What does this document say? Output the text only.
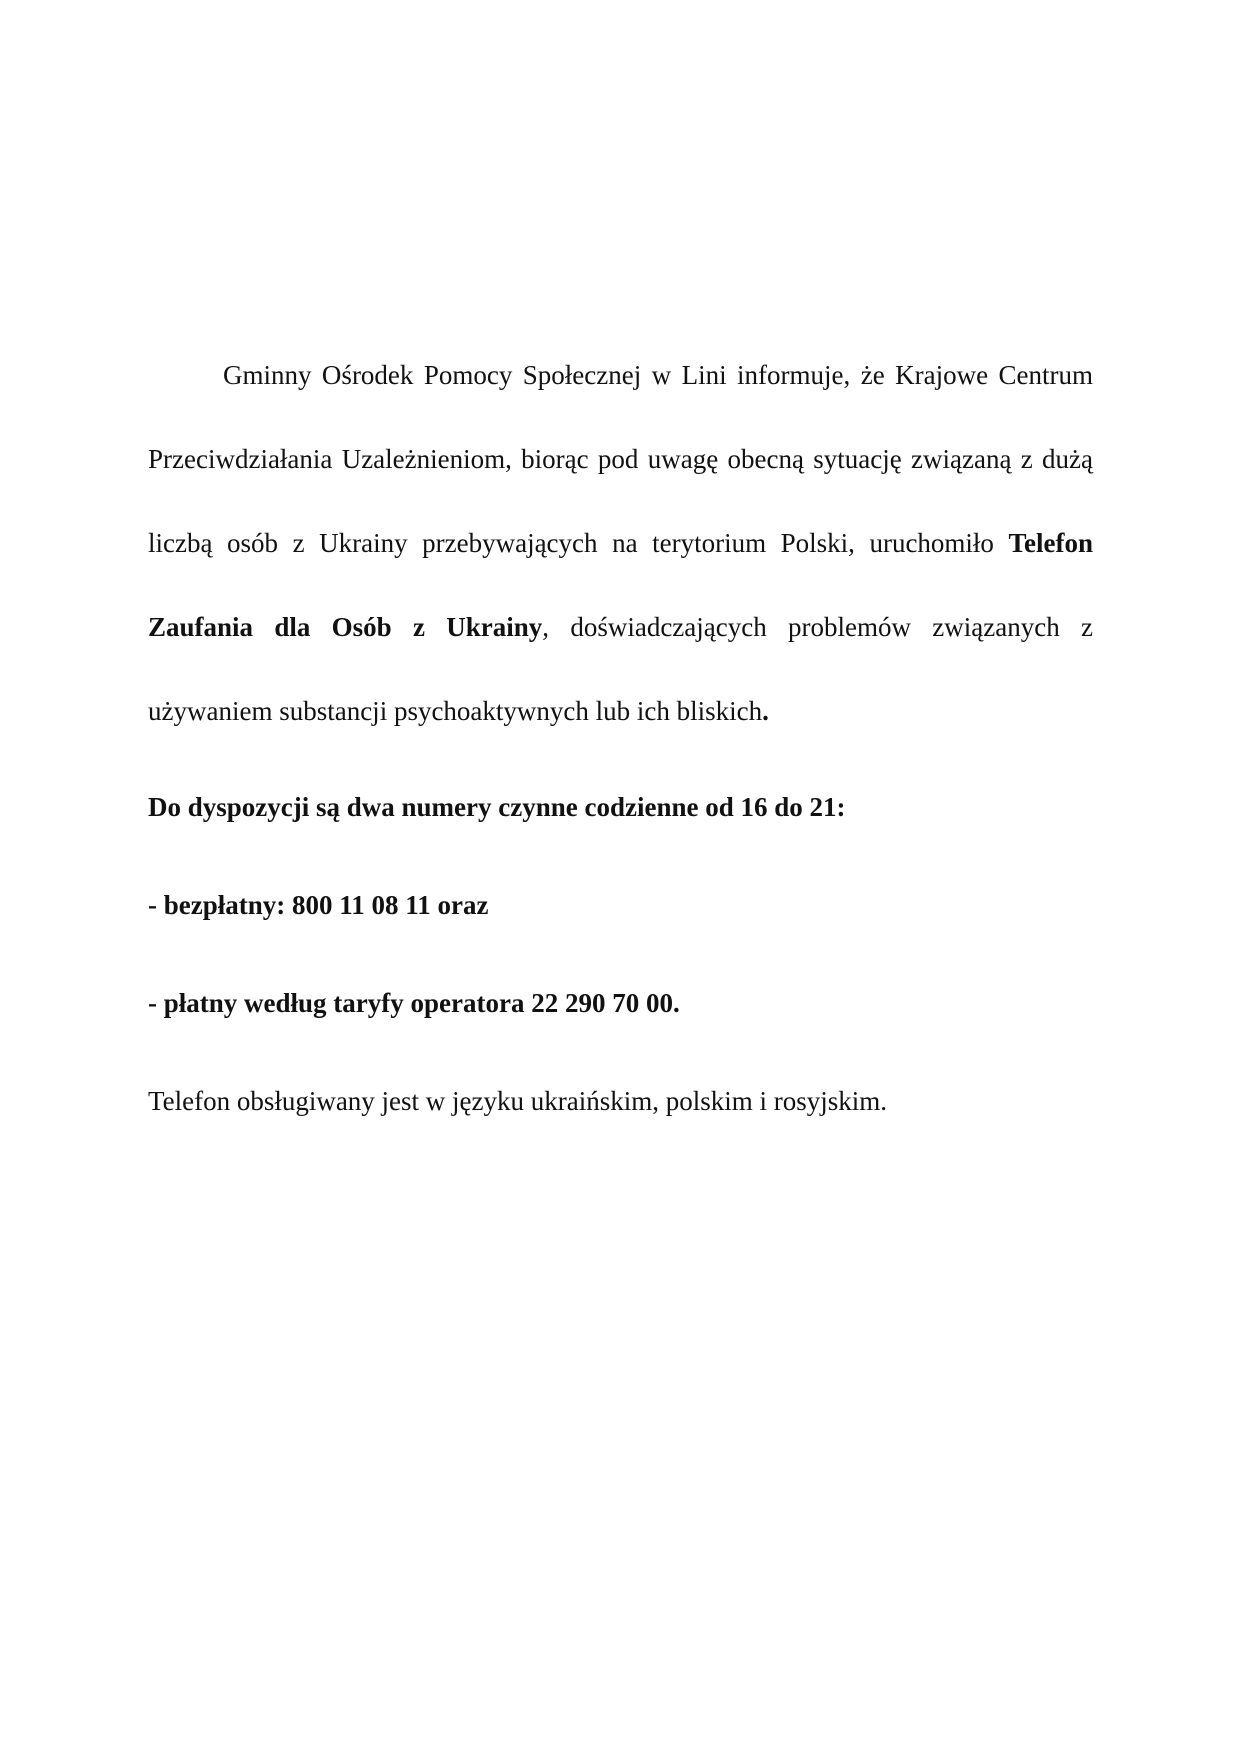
Gminny Ośrodek Pomocy Społecznej w Lini informuje, że Krajowe Centrum Przeciwdziałania Uzależnieniom, biorąc pod uwagę obecną sytuację związaną z dużą liczbą osób z Ukrainy przebywających na terytorium Polski, uruchomiło Telefon Zaufania dla Osób z Ukrainy, doświadczających problemów związanych z używaniem substancji psychoaktywnych lub ich bliskich.

Do dyspozycji są dwa numery czynne codzienne od 16 do 21:

- bezpłatny: 800 11 08 11 oraz

- płatny według taryfy operatora 22 290 70 00.

Telefon obsługiwany jest w języku ukraińskim, polskim i rosyjskim.
